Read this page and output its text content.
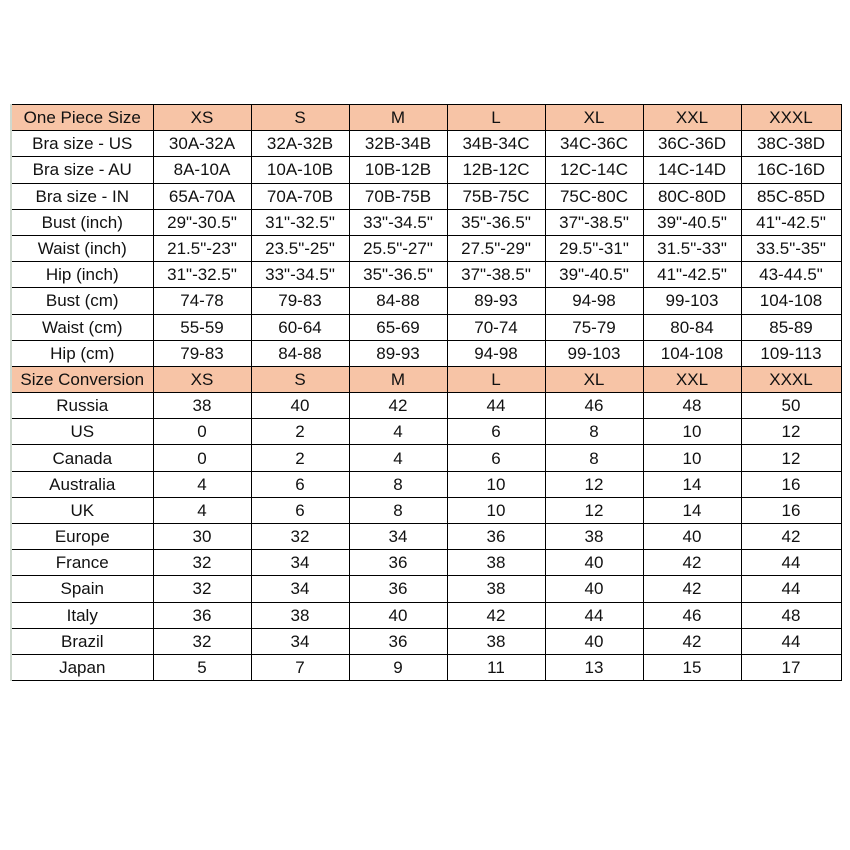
One Piece Size	XS	S	M	L	XL	XXL	XXXL
Bra size - US	30A-32A	32A-32B	32B-34B	34B-34C	34C-36C	36C-36D	38C-38D
Bra size - AU	8A-10A	10A-10B	10B-12B	12B-12C	12C-14C	14C-14D	16C-16D
Bra size - IN	65A-70A	70A-70B	70B-75B	75B-75C	75C-80C	80C-80D	85C-85D
Bust (inch)	29"-30.5"	31"-32.5"	33"-34.5"	35"-36.5"	37"-38.5"	39"-40.5"	41"-42.5"
Waist (inch)	21.5"-23"	23.5"-25"	25.5"-27"	27.5"-29"	29.5"-31"	31.5"-33"	33.5"-35"
Hip (inch)	31"-32.5"	33"-34.5"	35"-36.5"	37"-38.5"	39"-40.5"	41"-42.5"	43-44.5"
Bust (cm)	74-78	79-83	84-88	89-93	94-98	99-103	104-108
Waist (cm)	55-59	60-64	65-69	70-74	75-79	80-84	85-89
Hip (cm)	79-83	84-88	89-93	94-98	99-103	104-108	109-113
Size Conversion	XS	S	M	L	XL	XXL	XXXL
Russia	38	40	42	44	46	48	50
US	0	2	4	6	8	10	12
Canada	0	2	4	6	8	10	12
Australia	4	6	8	10	12	14	16
UK	4	6	8	10	12	14	16
Europe	30	32	34	36	38	40	42
France	32	34	36	38	40	42	44
Spain	32	34	36	38	40	42	44
Italy	36	38	40	42	44	46	48
Brazil	32	34	36	38	40	42	44
Japan	5	7	9	11	13	15	17
